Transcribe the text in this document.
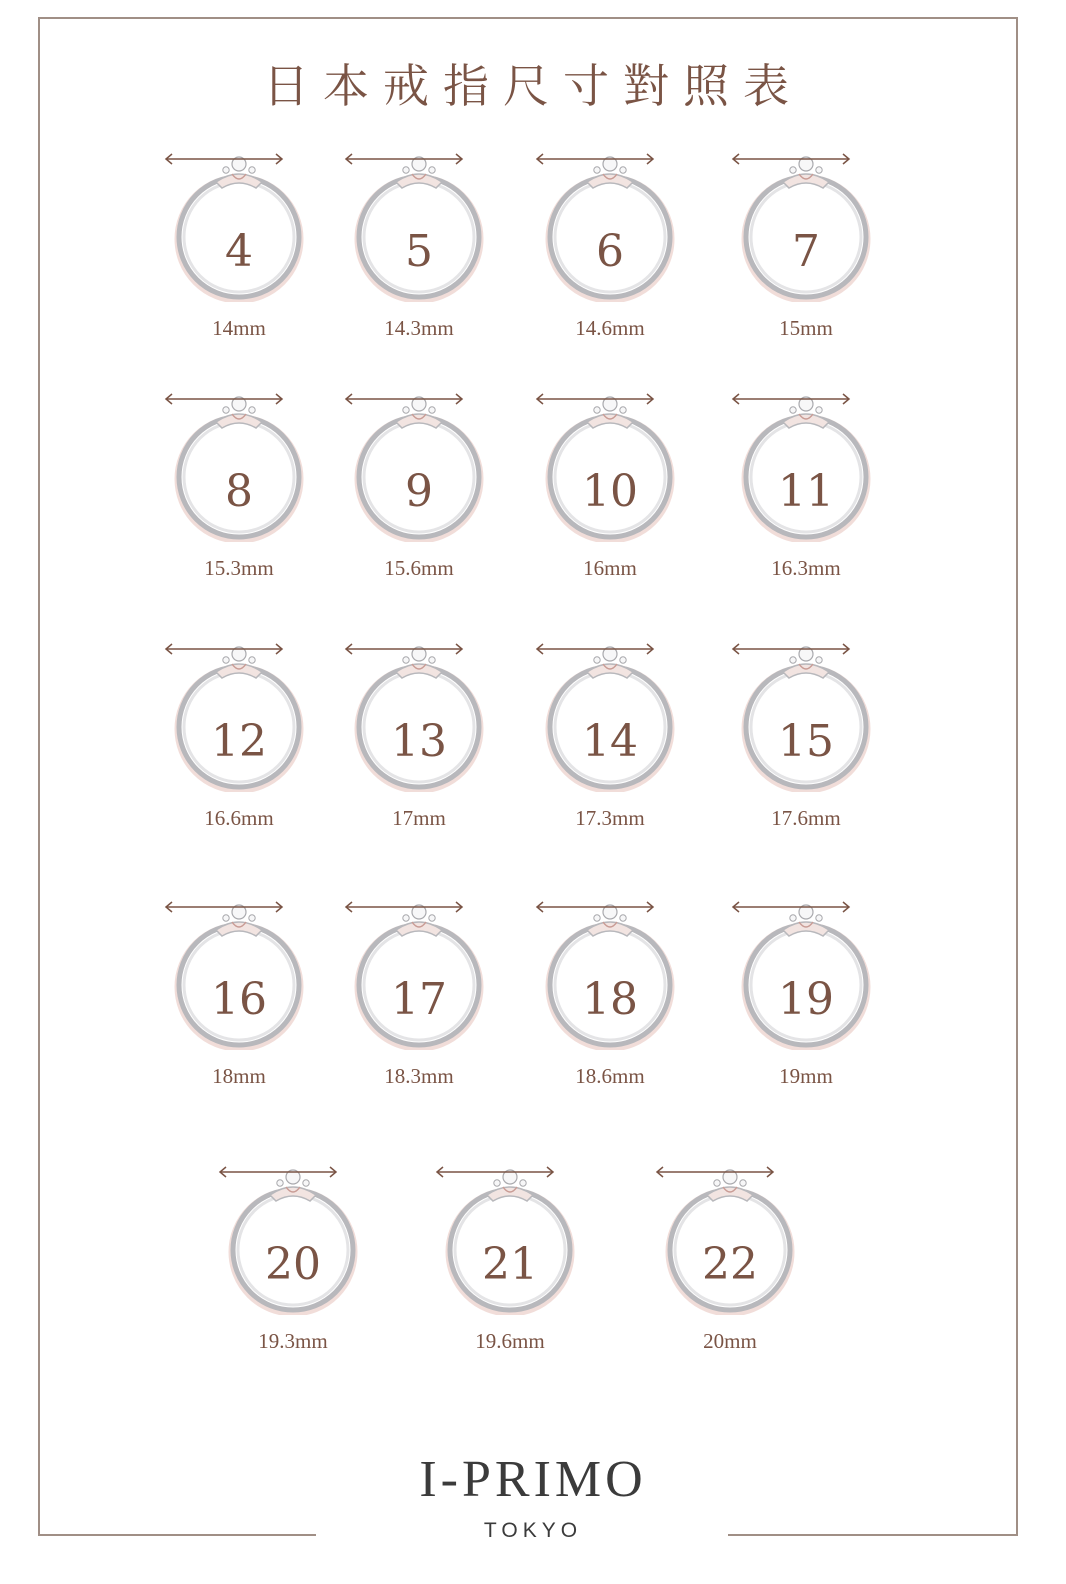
日本戒指尺寸對照表
4
14mm
5
14.3mm
6
14.6mm
7
15mm
8
15.3mm
9
15.6mm
10
16mm
11
16.3mm
12
16.6mm
13
17mm
14
17.3mm
15
17.6mm
16
18mm
17
18.3mm
18
18.6mm
19
19mm
20
19.3mm
21
19.6mm
22
20mm
I-PRIMO
TOKYO
